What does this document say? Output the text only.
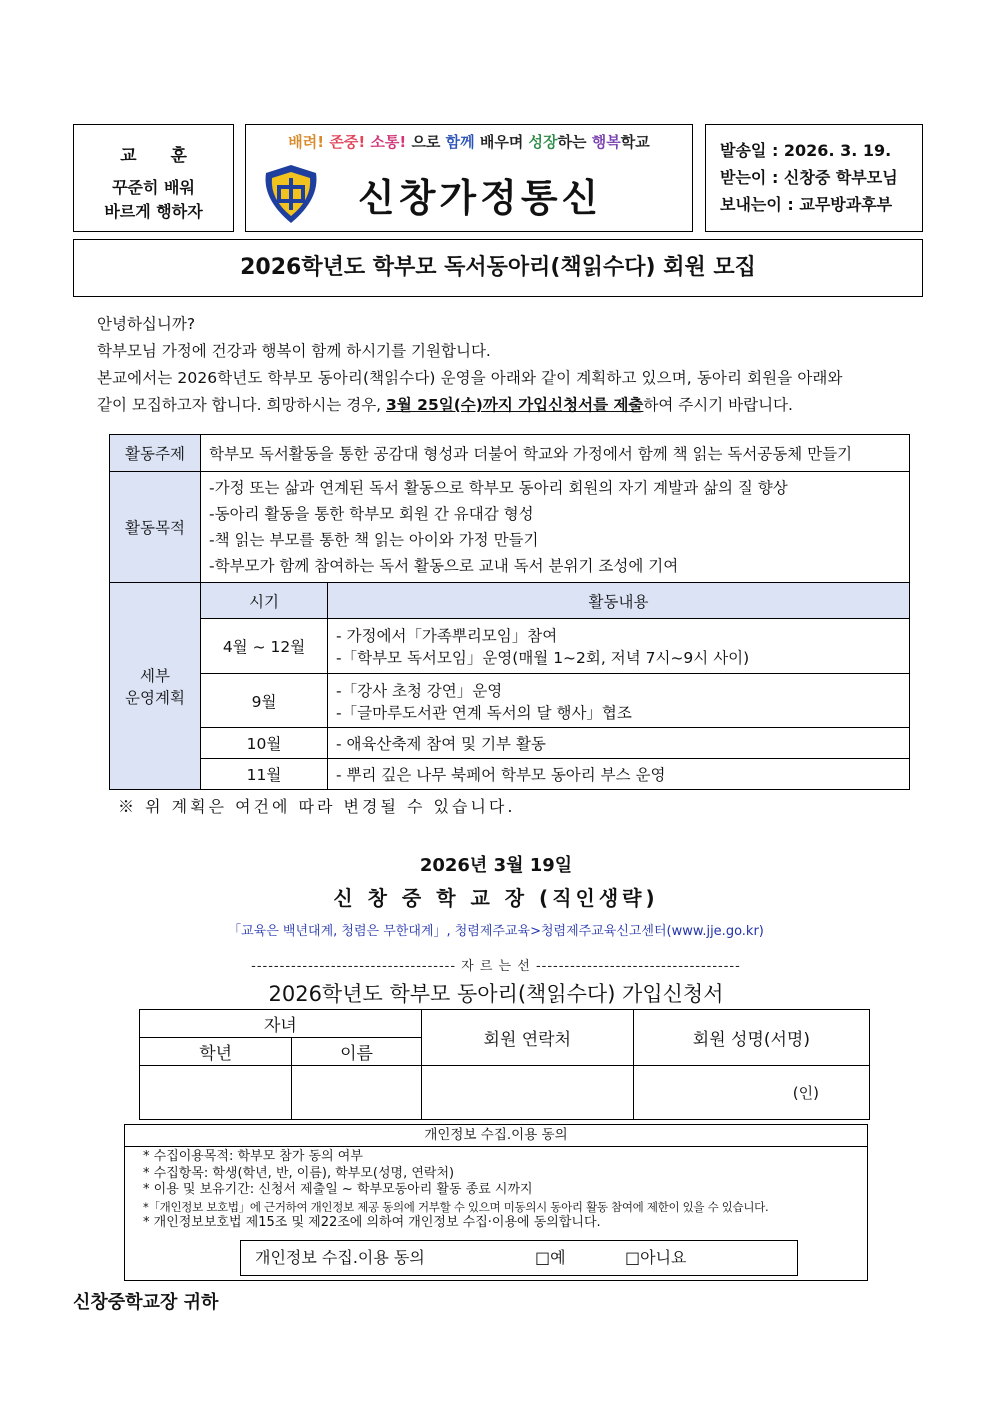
교 훈
꾸준히 배워
바르게 행하자
배려! 존중! 소통! 으로 함께 배우며 성장하는 행복학교
신창가정통신
발송일 : 2026. 3. 19.
받는이 : 신창중 학부모님
보내는이 : 교무방과후부
2026학년도 학부모 독서동아리(책읽수다) 회원 모집
안녕하십니까?
학부모님 가정에 건강과 행복이 함께 하시기를 기원합니다.
본교에서는 2026학년도 학부모 동아리(책읽수다) 운영을 아래와 같이 계획하고 있으며, 동아리 회원을 아래와
같이 모집하고자 합니다. 희망하시는 경우, 3월 25일(수)까지 가입신청서를 제출하여 주시기 바랍니다.
활동주제	학부모 독서활동을 통한 공감대 형성과 더불어 학교와 가정에서 함께 책 읽는 독서공동체 만들기	
활동목적	-가정 또는 삶과 연계된 독서 활동으로 학부모 동아리 회원의 자기 계발과 삶의 질 향상
-동아리 활동을 통한 학부모 회원 간 유대감 형성
-책 읽는 부모를 통한 책 읽는 아이와 가정 만들기
-학부모가 함께 참여하는 독서 활동으로 교내 독서 분위기 조성에 기여	

세부
운영계획	시기	활동내용
	4월 ~ 12월	- 가정에서「가족뿌리모임」참여
-「학부모 독서모임」운영(매월 1~2회, 저녁 7시~9시 사이)

	9월	-「강사 초청 강연」운영
-「글마루도서관 연계 독서의 달 행사」협조

	10월	- 애육산축제 참여 및 기부 활동
	11월	- 뿌리 깊은 나무 북페어 학부모 동아리 부스 운영
※ 위 계획은 여건에 따라 변경될 수 있습니다.
2026년 3월 19일
신 창 중 학 교 장 (직인생략)
「교육은 백년대계, 청렴은 무한대계」, 청렴제주교육>청렴제주교육신고센터(www.jje.go.kr)
------------------------------------ 자 르 는 선 ------------------------------------
2026학년도 학부모 동아리(책읽수다) 가입신청서
자녀		회원 연락처	회원 성명(서명)
학년	이름		
			(인)
개인정보 수집.이용 동의
* 수집이용목적: 학부모 참가 동의 여부
* 수집항목: 학생(학년, 반, 이름), 학부모(성명, 연락처)
* 이용 및 보유기간: 신청서 제출일 ~ 학부모동아리 활동 종료 시까지
*「개인정보 보호법」에 근거하여 개인정보 제공 동의에 거부할 수 있으며 미동의시 동아리 활동 참여에 제한이 있을 수 있습니다.
* 개인정보보호법 제15조 및 제22조에 의하여 개인정보 수집·이용에 동의합니다.
개인정보 수집.이용 동의	□예	□아니요
신창중학교장 귀하
